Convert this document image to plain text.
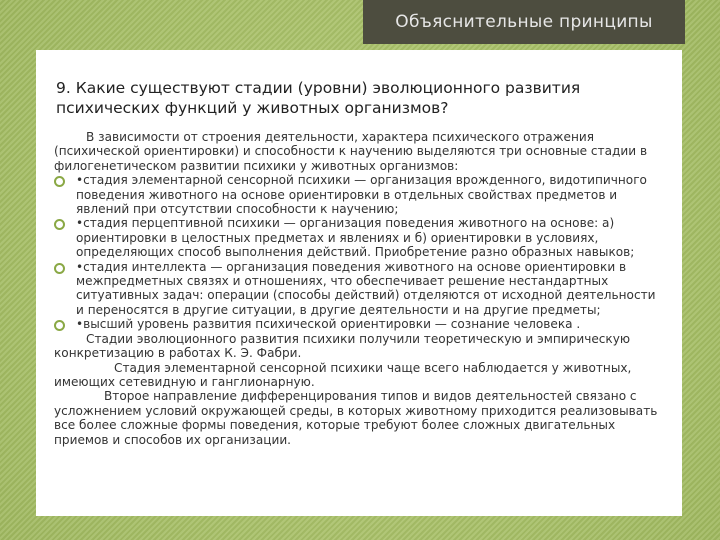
Объяснительные принципы
9. Какие существуют стадии (уровни) эволюционного развития психических функций у животных организмов?

В зависимости от строения деятельности, характера психического отражения (психической ориентировки) и способности к научению выделяются три основные стадии в филогенетическом развитии психики у животных организмов:

•стадия элементарной сенсорной психики — организация врожденного, видотипичного поведения животного на основе ориентировки в отдельных свойствах предметов и явлений при отсутствии способности к научению;

•стадия перцептивной психики — организация поведения животного на основе: а) ориентировки в целостных предметах и явлениях и б) ориентировки в условиях, определяющих способ выполнения действий. Приобретение разно образных навыков;

•стадия интеллекта — организация поведения животного на основе ориентировки в межпредметных связях и отношениях, что обеспечивает решение нестандартных ситуативных задач: операции (способы действий) отделяются от исходной деятельности и переносятся в другие ситуации, в другие деятельности и на другие предметы;

•высший уровень развития психической ориентировки — сознание человека .

Стадии эволюционного развития психики получили теоретическую и эмпирическую конкретизацию в работах К. Э. Фабри.

Стадия элементарной сенсорной психики чаще всего наблюдается у животных, имеющих сетевидную и ганглионарную.

Второе направление дифференцирования типов и видов деятельностей связано с усложнением условий окружающей среды, в которых животному приходится реализовывать все более сложные формы поведения, которые требуют более сложных двигательных приемов и способов их организации.
